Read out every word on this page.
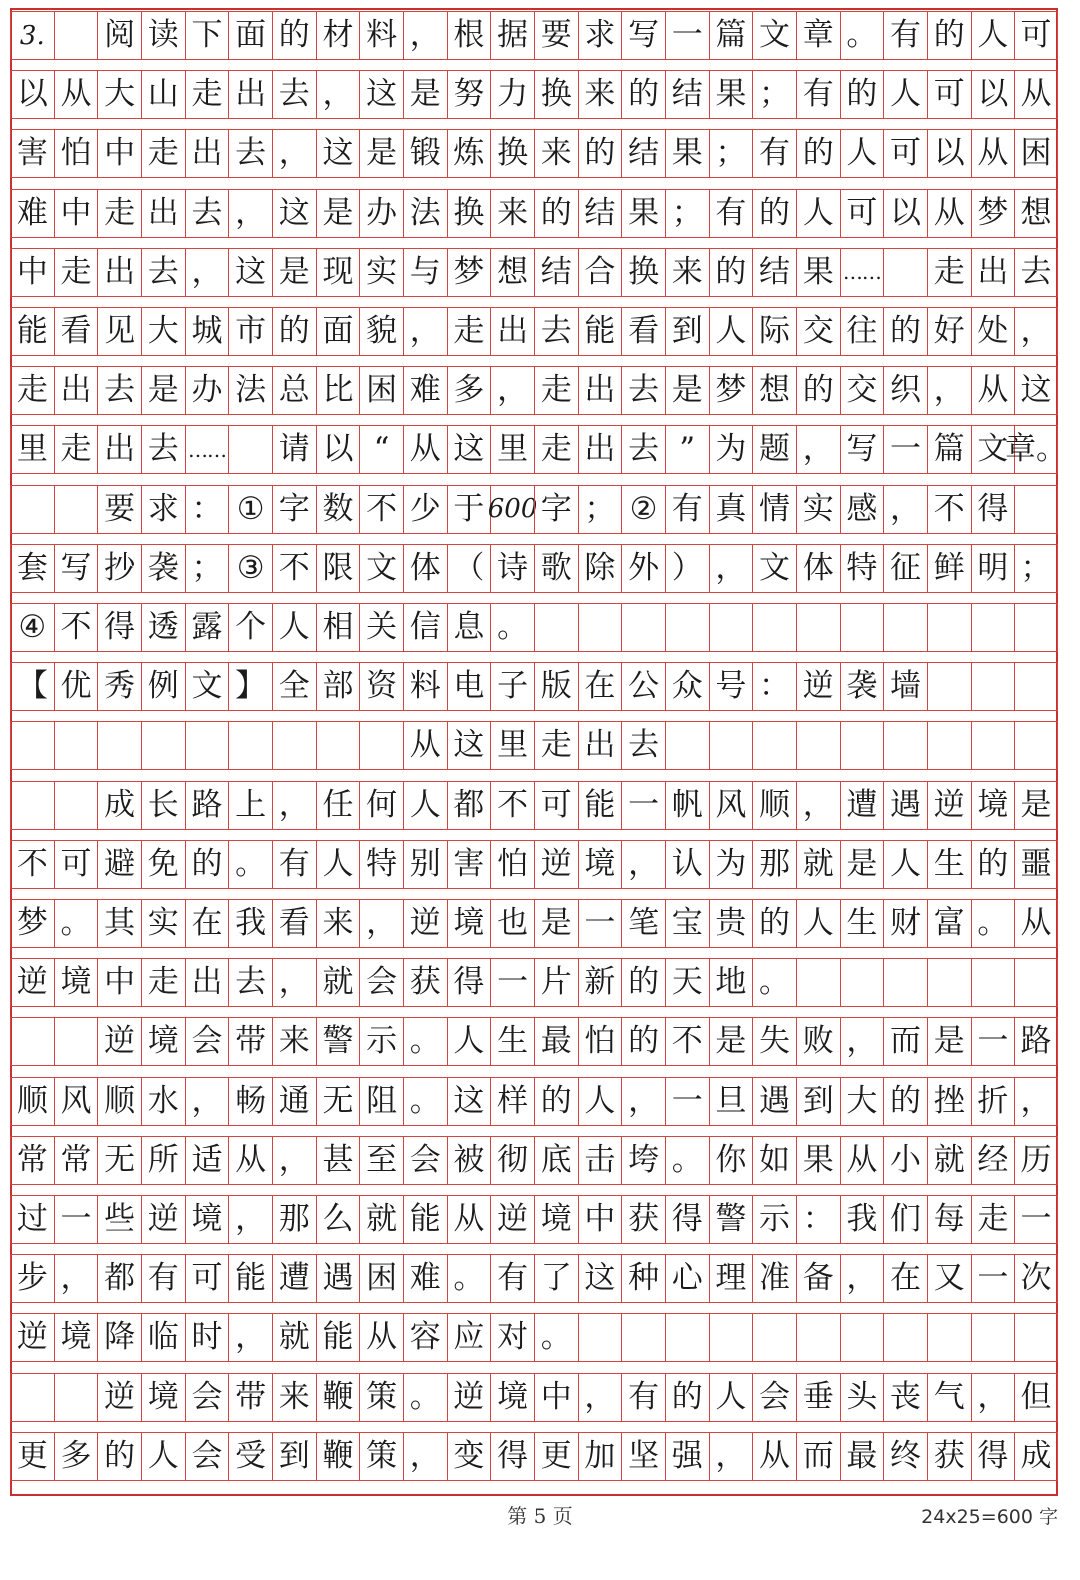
3. 阅 读 下 面 的 材 料 ， 根 据 要 求 写 一 篇 文 章 。 有 的 人 可
以 从 大 山 走 出 去 ， 这 是 努 力 换 来 的 结 果 ； 有 的 人 可 以 从
害 怕 中 走 出 去 ， 这 是 锻 炼 换 来 的 结 果 ； 有 的 人 可 以 从 困
难 中 走 出 去 ， 这 是 办 法 换 来 的 结 果 ； 有 的 人 可 以 从 梦 想
中 走 出 去 ， 这 是 现 实 与 梦 想 结 合 换 来 的 结 果 …… 走 出 去
能 看 见 大 城 市 的 面 貌 ， 走 出 去 能 看 到 人 际 交 往 的 好 处 ，
走 出 去 是 办 法 总 比 困 难 多 ， 走 出 去 是 梦 想 的 交 织 ， 从 这
里 走 出 去 …… 请 以 “ 从 这 里 走 出 去 ” 为 题 ， 写 一 篇 文
章。
要 求 ： ① 字 数 不 少 于 600 字 ； ② 有 真 情 实 感 ， 不 得
套 写 抄 袭 ； ③ 不 限 文 体 （ 诗 歌 除 外 ） ， 文 体 特 征 鲜 明 ；
④ 不 得 透 露 个 人 相 关 信 息 。
【 优 秀 例 文 】 全 部 资 料 电 子 版 在 公 众 号 ： 逆 袭 墙
从 这 里 走 出 去
成 长 路 上 ， 任 何 人 都 不 可 能 一 帆 风 顺 ， 遭 遇 逆 境 是
不 可 避 免 的 。 有 人 特 别 害 怕 逆 境 ， 认 为 那 就 是 人 生 的 噩
梦 。 其 实 在 我 看 来 ， 逆 境 也 是 一 笔 宝 贵 的 人 生 财 富 。 从
逆 境 中 走 出 去 ， 就 会 获 得 一 片 新 的 天 地 。
逆 境 会 带 来 警 示 。 人 生 最 怕 的 不 是 失 败 ， 而 是 一 路
顺 风 顺 水 ， 畅 通 无 阻 。 这 样 的 人 ， 一 旦 遇 到 大 的 挫 折 ，
常 常 无 所 适 从 ， 甚 至 会 被 彻 底 击 垮 。 你 如 果 从 小 就 经 历
过 一 些 逆 境 ， 那 么 就 能 从 逆 境 中 获 得 警 示 ： 我 们 每 走 一
步 ， 都 有 可 能 遭 遇 困 难 。 有 了 这 种 心 理 准 备 ， 在 又 一 次
逆 境 降 临 时 ， 就 能 从 容 应 对 。
逆 境 会 带 来 鞭 策 。 逆 境 中 ， 有 的 人 会 垂 头 丧 气 ， 但
更 多 的 人 会 受 到 鞭 策 ， 变 得 更 加 坚 强 ， 从 而 最 终 获 得 成
第 5 页	24x25=600 字
